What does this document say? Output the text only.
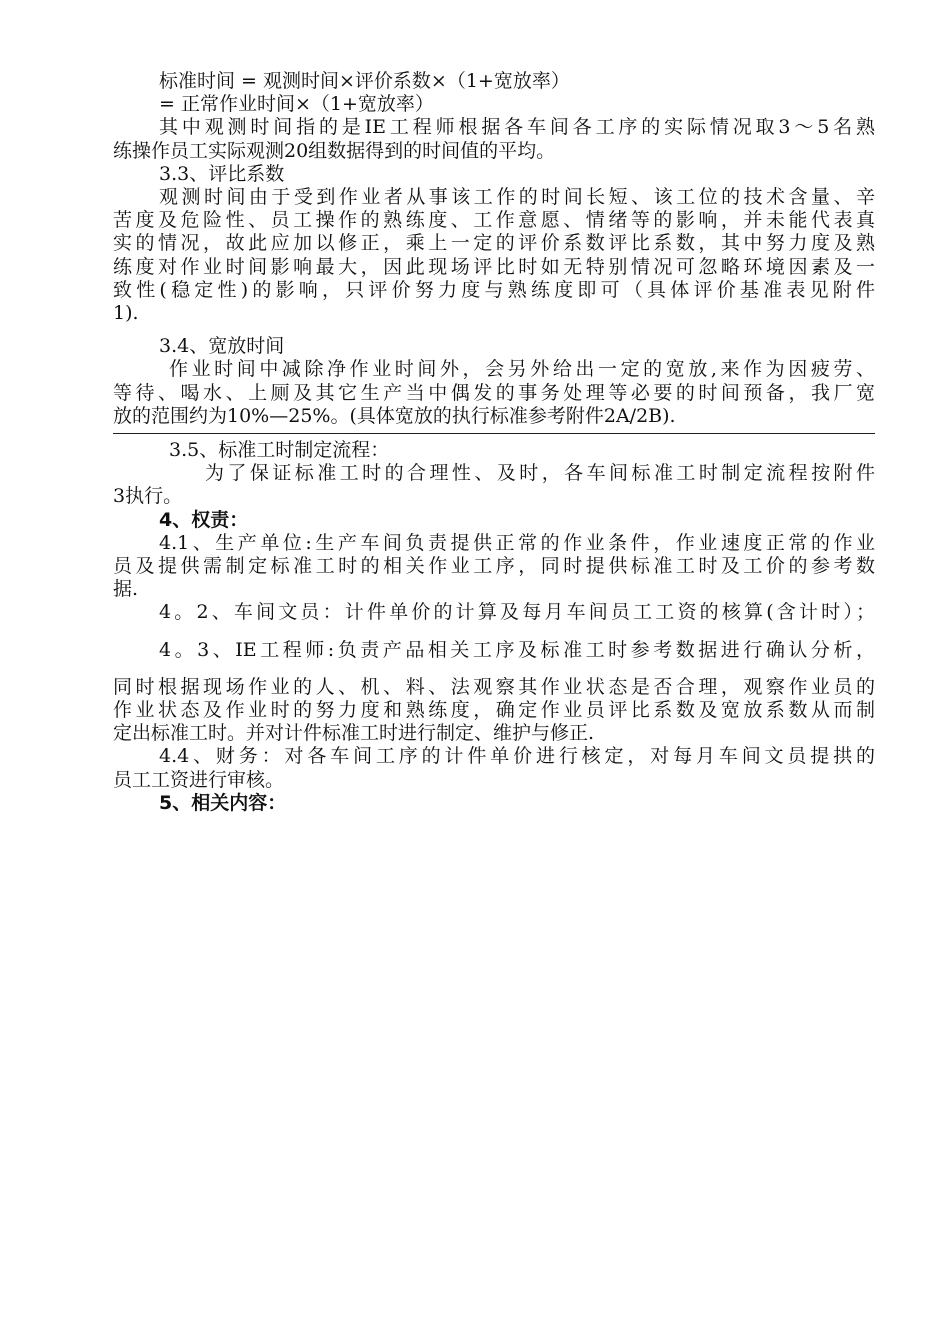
标准时间 = 观测时间×评价系数×（1+宽放率）

= 正常作业时间×（1+宽放率）

其中观测时间指的是IE工程师根据各车间各工序的实际情况取3～5名熟

练操作员工实际观测20组数据得到的时间值的平均。

3.3、评比系数

观测时间由于受到作业者从事该工作的时间长短、该工位的技术含量、辛

苦度及危险性、员工操作的熟练度、工作意愿、情绪等的影响，并未能代表真

实的情况，故此应加以修正，乘上一定的评价系数评比系数，其中努力度及熟

练度对作业时间影响最大，因此现场评比时如无特别情况可忽略环境因素及一

致性(稳定性)的影响，只评价努力度与熟练度即可（具体评价基准表见附件

1).

3.4、宽放时间

作业时间中减除净作业时间外，会另外给出一定的宽放,来作为因疲劳、

等待、喝水、上厕及其它生产当中偶发的事务处理等必要的时间预备，我厂宽

放的范围约为10%—25%。(具体宽放的执行标准参考附件2A/2B).

3.5、标准工时制定流程：

为了保证标准工时的合理性、及时，各车间标准工时制定流程按附件

3执行。

4、权责：

4.1、生产单位:生产车间负责提供正常的作业条件，作业速度正常的作业

员及提供需制定标准工时的相关作业工序，同时提供标准工时及工价的参考数

据.

4。2、车间文员：计件单价的计算及每月车间员工工资的核算(含计时）；

4。3、IE工程师:负责产品相关工序及标准工时参考数据进行确认分析，

同时根据现场作业的人、机、料、法观察其作业状态是否合理，观察作业员的

作业状态及作业时的努力度和熟练度，确定作业员评比系数及宽放系数从而制

定出标准工时。并对计件标准工时进行制定、维护与修正.

4.4、财务：对各车间工序的计件单价进行核定，对每月车间文员提拱的

员工工资进行审核。

5、相关内容：
